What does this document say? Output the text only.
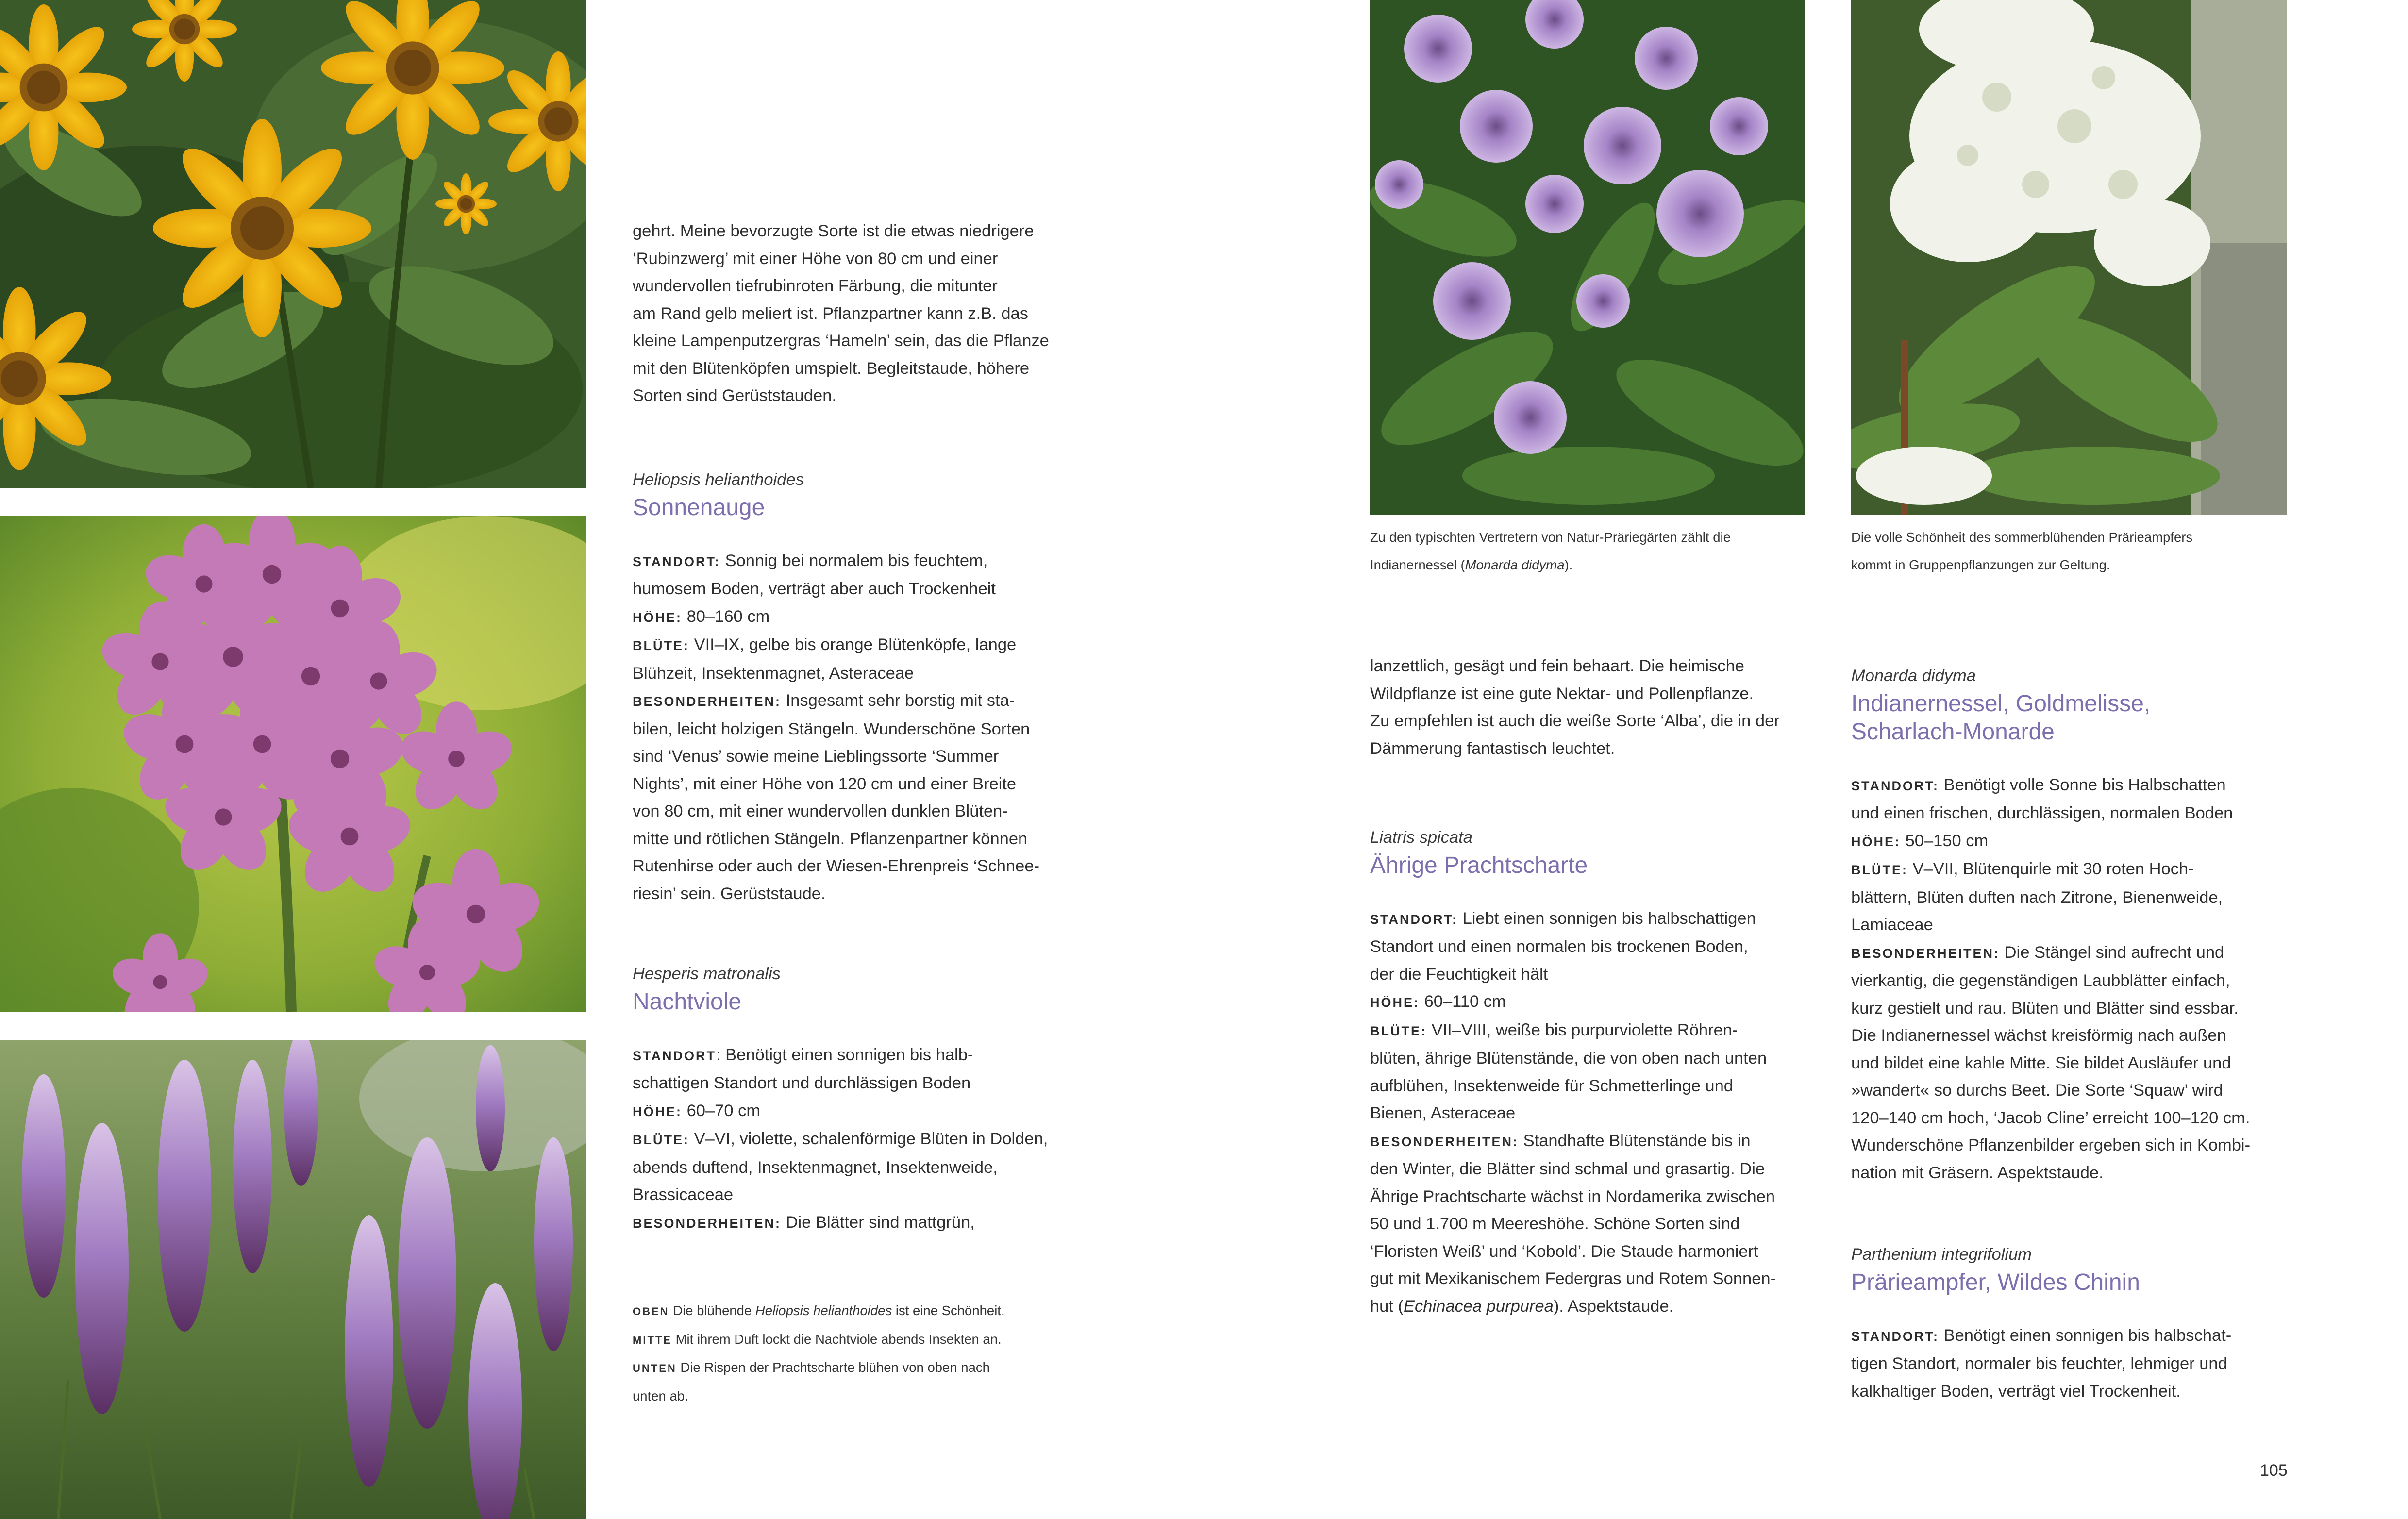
gehrt. Meine bevorzugte Sorte ist die etwas niedrigere

‘Rubinzwerg’ mit einer Höhe von 80 cm und einer

wundervollen tiefrubinroten Färbung, die mitunter

am Rand gelb meliert ist. Pflanzpartner kann z.B. das

kleine Lampenputzergras ‘Hameln’ sein, das die Pflanze

mit den Blütenköpfen umspielt. Begleitstaude, höhere

Sorten sind Gerüststauden.

Heliopsis helianthoides

Sonnenauge

STANDORT: Sonnig bei normalem bis feuchtem,

humosem Boden, verträgt aber auch Trockenheit

HÖHE: 80–160 cm

BLÜTE: VII–IX, gelbe bis orange Blütenköpfe, lange

Blühzeit, Insektenmagnet, Asteraceae

BESONDERHEITEN: Insgesamt sehr borstig mit sta-

bilen, leicht holzigen Stängeln. Wunderschöne Sorten

sind ‘Venus’ sowie meine Lieblingssorte ‘Summer

Nights’, mit einer Höhe von 120 cm und einer Breite

von 80 cm, mit einer wundervollen dunklen Blüten-

mitte und rötlichen Stängeln. Pflanzenpartner können

Rutenhirse oder auch der Wiesen-Ehrenpreis ‘Schnee-

riesin’ sein. Gerüststaude.

Hesperis matronalis

Nachtviole

STANDORT: Benötigt einen sonnigen bis halb-

schattigen Standort und durchlässigen Boden

HÖHE: 60–70 cm

BLÜTE: V–VI, violette, schalenförmige Blüten in Dolden,

abends duftend, Insektenmagnet, Insektenweide,

Brassicaceae

BESONDERHEITEN: Die Blätter sind mattgrün,

OBEN Die blühende Heliopsis helianthoides ist eine Schönheit.

MITTE Mit ihrem Duft lockt die Nachtviole abends Insekten an.

UNTEN Die Rispen der Prachtscharte blühen von oben nach

unten ab.

Zu den typischten Vertretern von Natur-Präriegärten zählt die

Indianernessel (Monarda didyma).

lanzettlich, gesägt und fein behaart. Die heimische

Wildpflanze ist eine gute Nektar- und Pollenpflanze.

Zu empfehlen ist auch die weiße Sorte ‘Alba’, die in der

Dämmerung fantastisch leuchtet.

Liatris spicata

Ährige Prachtscharte

STANDORT: Liebt einen sonnigen bis halbschattigen

Standort und einen normalen bis trockenen Boden,

der die Feuchtigkeit hält

HÖHE: 60–110 cm

BLÜTE: VII–VIII, weiße bis purpurviolette Röhren-

blüten, ährige Blütenstände, die von oben nach unten

aufblühen, Insektenweide für Schmetterlinge und

Bienen, Asteraceae

BESONDERHEITEN: Standhafte Blütenstände bis in

den Winter, die Blätter sind schmal und grasartig. Die

Ährige Prachtscharte wächst in Nordamerika zwischen

50 und 1.700 m Meereshöhe. Schöne Sorten sind

‘Floristen Weiß’ und ‘Kobold’. Die Staude harmoniert

gut mit Mexikanischem Federgras und Rotem Sonnen-

hut (Echinacea purpurea). Aspektstaude.

Die volle Schönheit des sommerblühenden Prärieampfers

kommt in Gruppenpflanzungen zur Geltung.

Monarda didyma

Indianernessel, Goldmelisse,

Scharlach-Monarde

STANDORT: Benötigt volle Sonne bis Halbschatten

und einen frischen, durchlässigen, normalen Boden

HÖHE: 50–150 cm

BLÜTE: V–VII, Blütenquirle mit 30 roten Hoch-

blättern, Blüten duften nach Zitrone, Bienenweide,

Lamiaceae

BESONDERHEITEN: Die Stängel sind aufrecht und

vierkantig, die gegenständigen Laubblätter einfach,

kurz gestielt und rau. Blüten und Blätter sind essbar.

Die Indianernessel wächst kreisförmig nach außen

und bildet eine kahle Mitte. Sie bildet Ausläufer und

»wandert« so durchs Beet. Die Sorte ‘Squaw’ wird

120–140 cm hoch, ‘Jacob Cline’ erreicht 100–120 cm.

Wunderschöne Pflanzenbilder ergeben sich in Kombi-

nation mit Gräsern. Aspektstaude.

Parthenium integrifolium

Prärieampfer, Wildes Chinin

STANDORT: Benötigt einen sonnigen bis halbschat-

tigen Standort, normaler bis feuchter, lehmiger und

kalkhaltiger Boden, verträgt viel Trockenheit.

105
